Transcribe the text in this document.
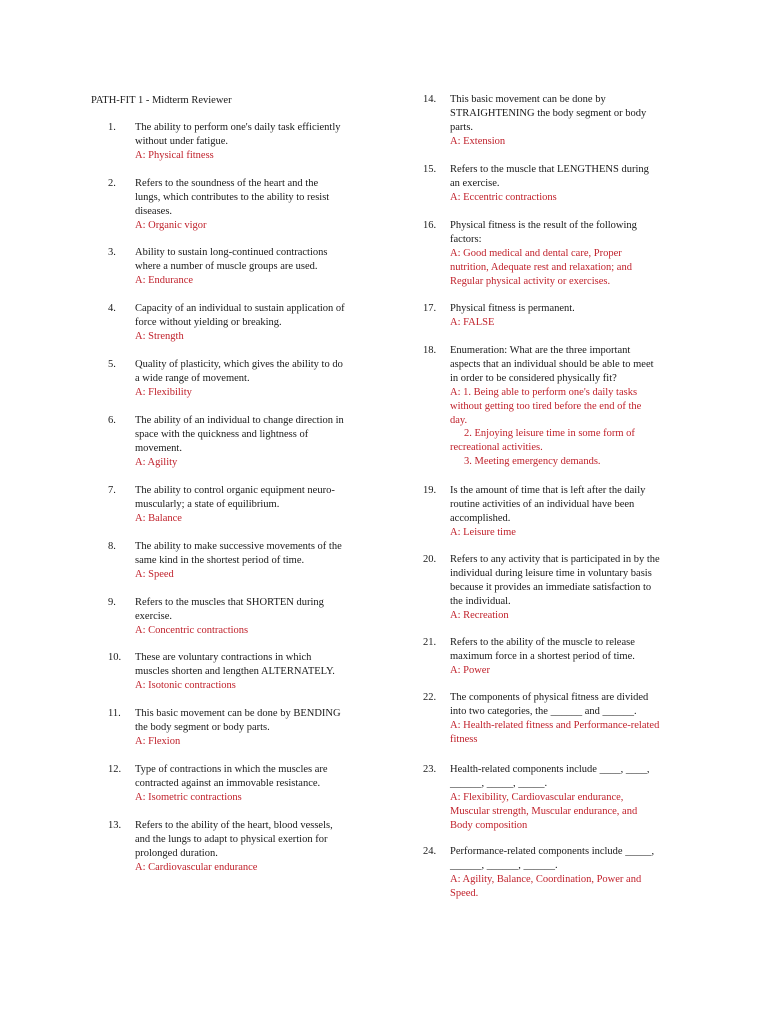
PATH-FIT 1 - Midterm Reviewer
1.	The ability to perform one's daily task efficiently
without under fatigue.
A: Physical fitness
2.	Refers to the soundness of the heart and the
lungs, which contributes to the ability to resist
diseases.
A: Organic vigor
3.	Ability to sustain long-continued contractions
where a number of muscle groups are used.
A: Endurance
4.	Capacity of an individual to sustain application of
force without yielding or breaking.
A: Strength
5.	Quality of plasticity, which gives the ability to do
a wide range of movement.
A: Flexibility
6.	The ability of an individual to change direction in
space with the quickness and lightness of
movement.
A: Agility
7.	The ability to control organic equipment neuro-
muscularly; a state of equilibrium.
A: Balance
8.	The ability to make successive movements of the
same kind in the shortest period of time.
A: Speed
9.	Refers to the muscles that SHORTEN during
exercise.
A: Concentric contractions
10.	These are voluntary contractions in which
muscles shorten and lengthen ALTERNATELY.
A: Isotonic contractions
11.	This basic movement can be done by BENDING
the body segment or body parts.
A: Flexion
12.	Type of contractions in which the muscles are
contracted against an immovable resistance.
A: Isometric contractions
13.	Refers to the ability of the heart, blood vessels,
and the lungs to adapt to physical exertion for
prolonged duration.
A: Cardiovascular endurance
14.	This basic movement can be done by
STRAIGHTENING the body segment or body
parts.
A: Extension
15.	Refers to the muscle that LENGTHENS during
an exercise.
A: Eccentric contractions
16.	Physical fitness is the result of the following
factors:
A: Good medical and dental care, Proper
nutrition, Adequate rest and relaxation; and
Regular physical activity or exercises.
17.	Physical fitness is permanent.
A: FALSE
18.	Enumeration: What are the three important
aspects that an individual should be able to meet
in order to be considered physically fit?
A: 1. Being able to perform one's daily tasks
without getting too tired before the end of the
day.
2. Enjoying leisure time in some form of
recreational activities.
3. Meeting emergency demands.
19.	Is the amount of time that is left after the daily
routine activities of an individual have been
accomplished.
A: Leisure time
20.	Refers to any activity that is participated in by the
individual during leisure time in voluntary basis
because it provides an immediate satisfaction to
the individual.
A: Recreation
21.	Refers to the ability of the muscle to release
maximum force in a shortest period of time.
A: Power
22.	The components of physical fitness are divided
into two categories, the ______ and ______.
A: Health-related fitness and Performance-related
fitness
23.	Health-related components include ____, ____,
______, _____, _____.
A: Flexibility, Cardiovascular endurance,
Muscular strength, Muscular endurance, and
Body composition
24.	Performance-related components include _____,
______, ______, ______.
A: Agility, Balance, Coordination, Power and
Speed.
